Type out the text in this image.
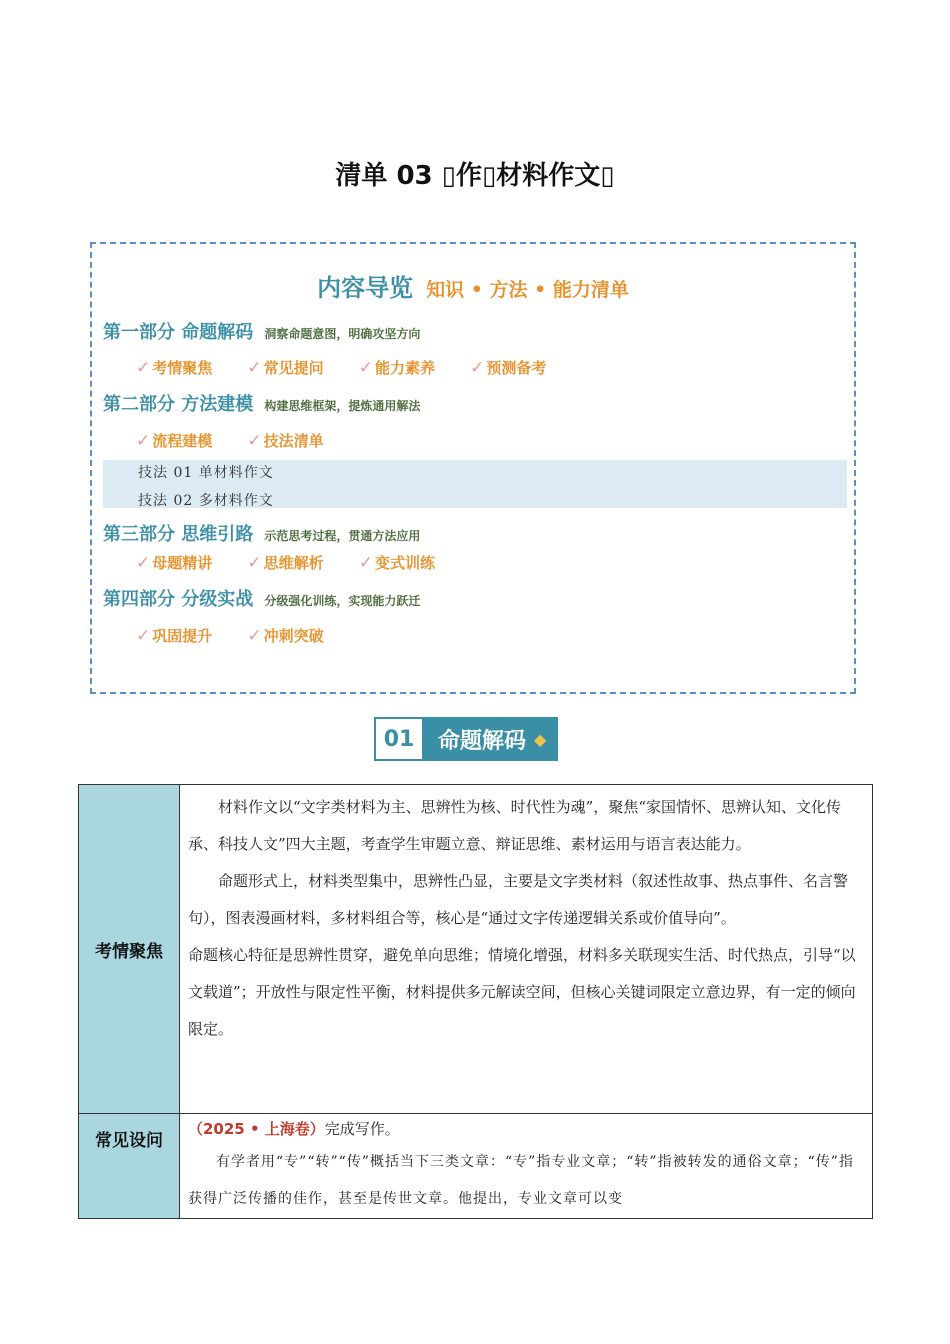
清单 03 ▯作▯材料作文▯
内容导览 知识 • 方法 • 能力清单
第一部分 命题解码 洞察命题意图，明确攻坚方向
✓ 考情聚焦 ✓ 常见提问 ✓ 能力素养 ✓ 预测备考
第二部分 方法建模 构建思维框架，提炼通用解法
✓ 流程建模 ✓ 技法清单
技法 01 单材料作文
技法 02 多材料作文
第三部分 思维引路 示范思考过程，贯通方法应用
✓ 母题精讲 ✓ 思维解析 ✓ 变式训练
第四部分 分级实战 分级强化训练，实现能力跃迁
✓ 巩固提升 ✓ 冲刺突破
01	命题解码 ◆
考情聚焦	材料作文以“文字类材料为主、思辨性为核、时代性为魂”，聚焦“家国情怀、思辨认知、文化传承、科技人文”四大主题，考查学生审题立意、辩证思维、素材运用与语言表达能力。

命题形式上，材料类型集中，思辨性凸显，主要是文字类材料（叙述性故事、热点事件、名言警句），图表漫画材料，多材料组合等，核心是“通过文字传递逻辑关系或价值导向”。

命题核心特征是思辨性贯穿，避免单向思维；情境化增强，材料多关联现实生活、时代热点，引导“以文载道”；开放性与限定性平衡，材料提供多元解读空间，但核心关键词限定立意边界，有一定的倾向限定。

常见设问	（2025 • 上海卷）完成写作。

有学者用“专”“转”“传”概括当下三类文章：“专”指专业文章；“转”指被转发的通俗文章；“传”指获得广泛传播的佳作，甚至是传世文章。他提出，专业文章可以变
